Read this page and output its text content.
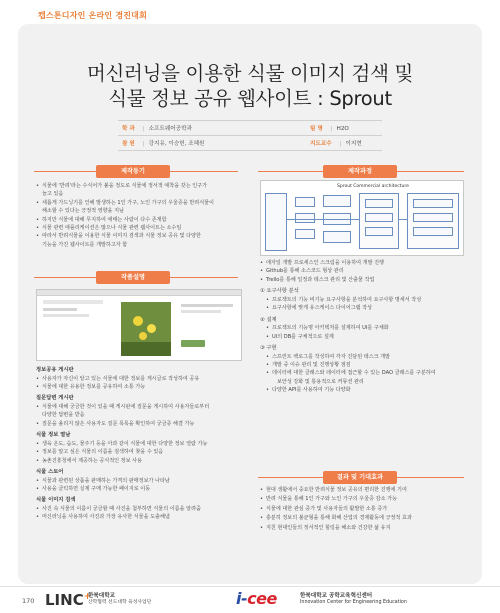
캡스톤디자인 온라인 경진대회
머신러닝을 이용한 식물 이미지 검색 및
식물 정보 공유 웹사이트 : Sprout
학 과 | 소프트웨어공학과	팀 명 | H2O
참 원 | 강지유, 이승헌, 조혜원	지도교수 | 이지현
제작동기
• 식물에 '반려'라는 수식어가 붙을 정도로 식물에 정서적 애착을 갖는 인구가
늘고 있음
• 새롭게 가드닝기를 인해 발생하는 1인 가구, 노인 가구의 우울증을 반려식물이
해소할 수 있다는 긍정적 영향을 지님
• 하지만 식물에 대해 무지하여 애태는 사람이 다수 존재함
• 식물 관련 애플리케이션은 많으나 식물 관련 웹사이트는 소수임
• 따라서 반려식물을 이용한 식물 이미지 검색과 식물 정보 공유 및 다양한
기능을 가진 웹사이트를 개발하고자 함
제작과정
Sprout Commercial architecture
• 애자일 개발 프로세스인 스크럼을 이용하여 개발 진행
• Github를 통해 소스코드 형상 관리
• Trello를 통해 일정과 테스크 관리 및 산출물 작업
① 요구사항 분석
• 프로젝트의 기능 비기능 요구사항을 분석하여 요구사항 명세서 작성
• 요구사항에 맞게 유스케이스 다이어그램 작성
② 설계
• 프로젝트의 기능명 아키텍처를 설계하여 UI를 구체화
• UI의 DB를 구체적으로 설계
③ 구현
• 스프린트 백로그를 작성하여 각자 진담된 테스크 개발
• 개발 중 이슈 관리 및 진행상황 점검
• 데이터에 대한 클래스와 데이터에 접근할 수 있는 DAO 클래스를 구분하여
보안성 강화 및 통용적으로 커뮤션 관리
• 다양한 API를 사용하여 기능 다양화
작품설명
정보공유 게시판
• 사용자가 자신이 알고 있는 식물에 대한 정보를 게시글로 작성하여 공유
• 식물에 대한 유용한 정보를 공유하여 소통 가능
질문답변 게시판
• 식물에 대해 궁금한 것이 있을 때 게시판에 질문을 게시하여 사용자들로부터
다양한 답변을 받음
• 질문을 올리지 않은 사용자도 질문 목록을 확인하여 궁금증 해결 가능
식물 정보 열남
• 생육 온도, 습도, 물주기 등을 아과 같이 식물에 대한 다양한 정보 열람 가능
• 정보를 알고 싶은 식물의 이름을 검색하여 찾을 수 있음
• 농촌진흥청에서 제공하는 공식적인 정보 사용
식물 스토어
• 식물과 관련된 상품을 판매하는 가격의 판매정보가 나타남
• 사용을 클릭하면 실제 구매 가능한 페이지로 이동
식물 이미지 검색
• 사진 속 식물의 이름이 궁금할 때 사진을 첨부하면 식물의 이름을 알려줌
• 머신러닝을 사용하여 사진과 가장 유사한 식물을 도출해냄
결과 및 기대효과
• 현대 생활에서 중요한 반려식물 정보 공유의 편리한 진행에 기여
• 반려 식물을 통해 1인 가구와 노인 가구의 우울증 감소 가능
• 식물에 대한 관심 증가 및 사용자들의 활발한 소통 증가
• 충분히 정보의 불균형을 통해 화해 산업의 경제활동에 긍정적 효과
• 지친 현대인들의 정서적인 힐링을 해소와 건강한 삶 유지
170 LINC+
한북대학교
산학협력 선도대학 육성사업단	i-cee	한북대학교 공학교육혁신센터
Innovation Center for Engineering Education
